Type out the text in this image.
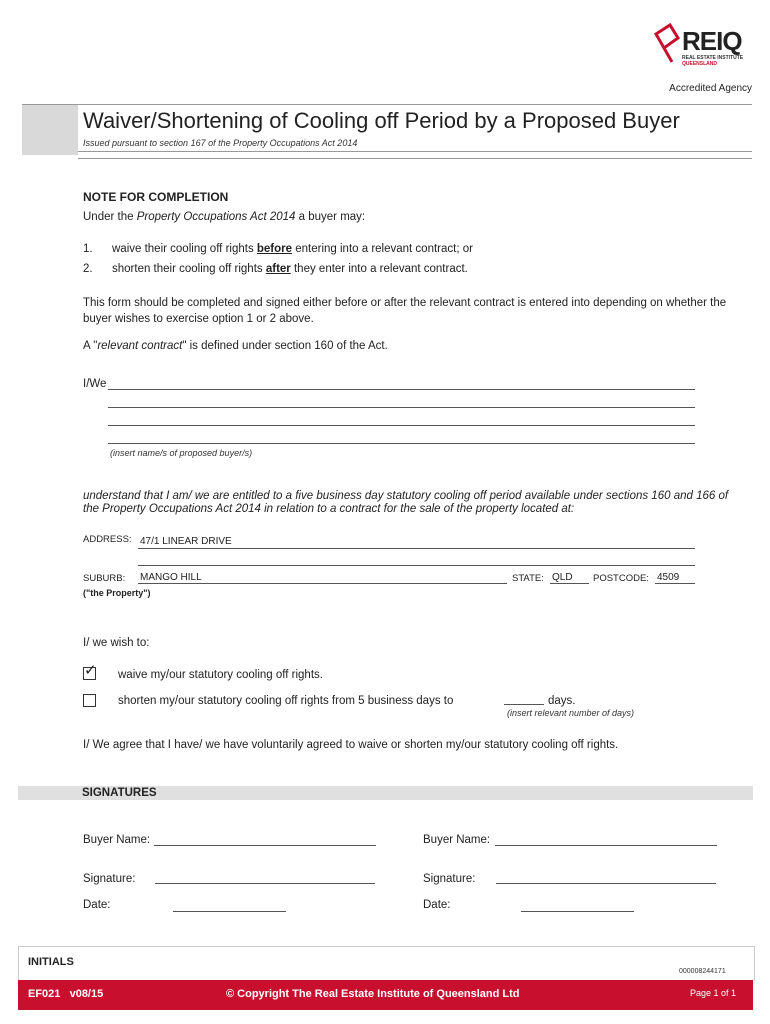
REIQ
REAL ESTATE INSTITUTE
QUEENSLAND
Accredited Agency
Waiver/Shortening of Cooling off Period by a Proposed Buyer
Issued pursuant to section 167 of the Property Occupations Act 2014
NOTE FOR COMPLETION
Under the Property Occupations Act 2014 a buyer may:
1. waive their cooling off rights before entering into a relevant contract; or
2. shorten their cooling off rights after they enter into a relevant contract.
This form should be completed and signed either before or after the relevant contract is entered into depending on whether the buyer wishes to exercise option 1 or 2 above.
A "relevant contract" is defined under section 160 of the Act.
I/We
(insert name/s of proposed buyer/s)
understand that I am/ we are entitled to a five business day statutory cooling off period available under sections 160 and 166 of the Property Occupations Act 2014 in relation to a contract for the sale of the property located at:
ADDRESS: 47/1 LINEAR DRIVE
SUBURB: MANGO HILL	STATE: QLD POSTCODE: 4509
("the Property")
I/ we wish to:
✓ waive my/our statutory cooling off rights.
shorten my/our statutory cooling off rights from 5 business days to	days.
(insert relevant number of days)
I/ We agree that I have/ we have voluntarily agreed to waive or shorten my/our statutory cooling off rights.
SIGNATURES
Buyer Name:	Buyer Name:
Signature:	Signature:
Date:	Date:
INITIALS
000008244171
EF021   v08/15	© Copyright The Real Estate Institute of Queensland Ltd	Page 1 of 1
